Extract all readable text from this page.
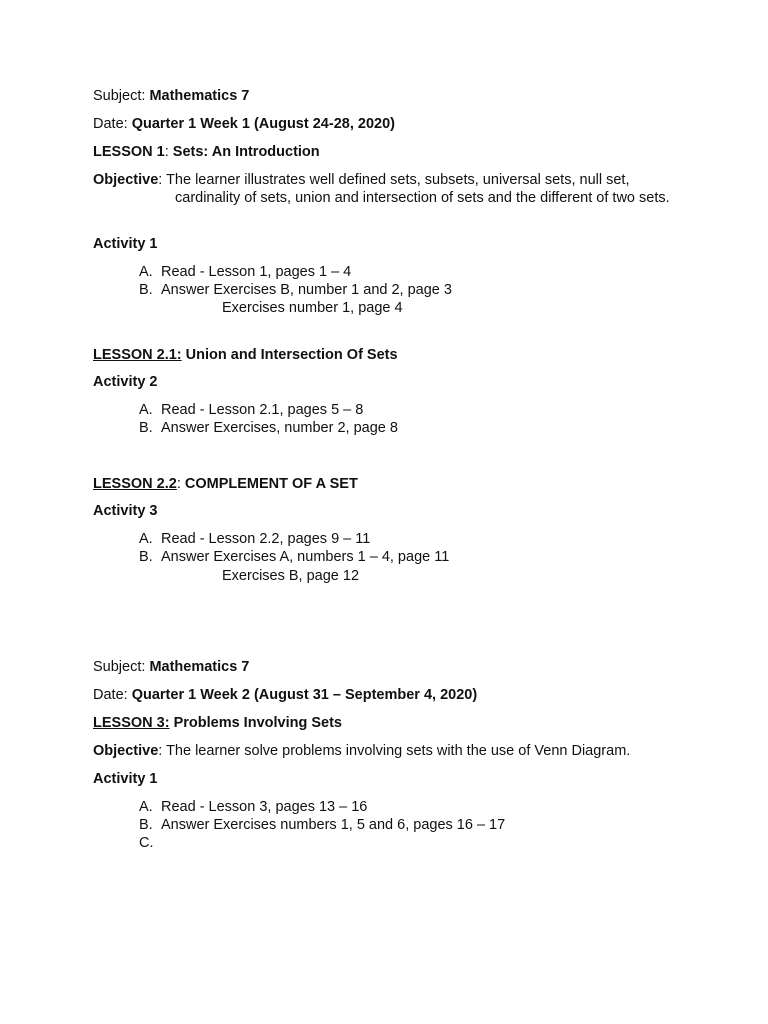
Subject: Mathematics 7
Date: Quarter 1 Week 1 (August 24-28, 2020)
LESSON 1: Sets: An Introduction
Objective: The learner illustrates well defined sets, subsets, universal sets, null set,
cardinality of sets, union and intersection of sets and the different of two sets.
Activity 1
A. Read - Lesson 1, pages 1 – 4
B. Answer Exercises B, number 1 and 2, page 3
Exercises number 1, page 4
LESSON 2.1: Union and Intersection Of Sets
Activity 2
A. Read - Lesson 2.1, pages 5 – 8
B. Answer Exercises, number 2, page 8
LESSON 2.2: COMPLEMENT OF A SET
Activity 3
A. Read - Lesson 2.2, pages 9 – 11
B. Answer Exercises A, numbers 1 – 4, page 11
Exercises B, page 12
Subject: Mathematics 7
Date: Quarter 1 Week 2 (August 31 – September 4, 2020)
LESSON 3: Problems Involving Sets
Objective: The learner solve problems involving sets with the use of Venn Diagram.
Activity 1
A. Read - Lesson 3, pages 13 – 16
B. Answer Exercises numbers 1, 5 and 6, pages 16 – 17
C.
